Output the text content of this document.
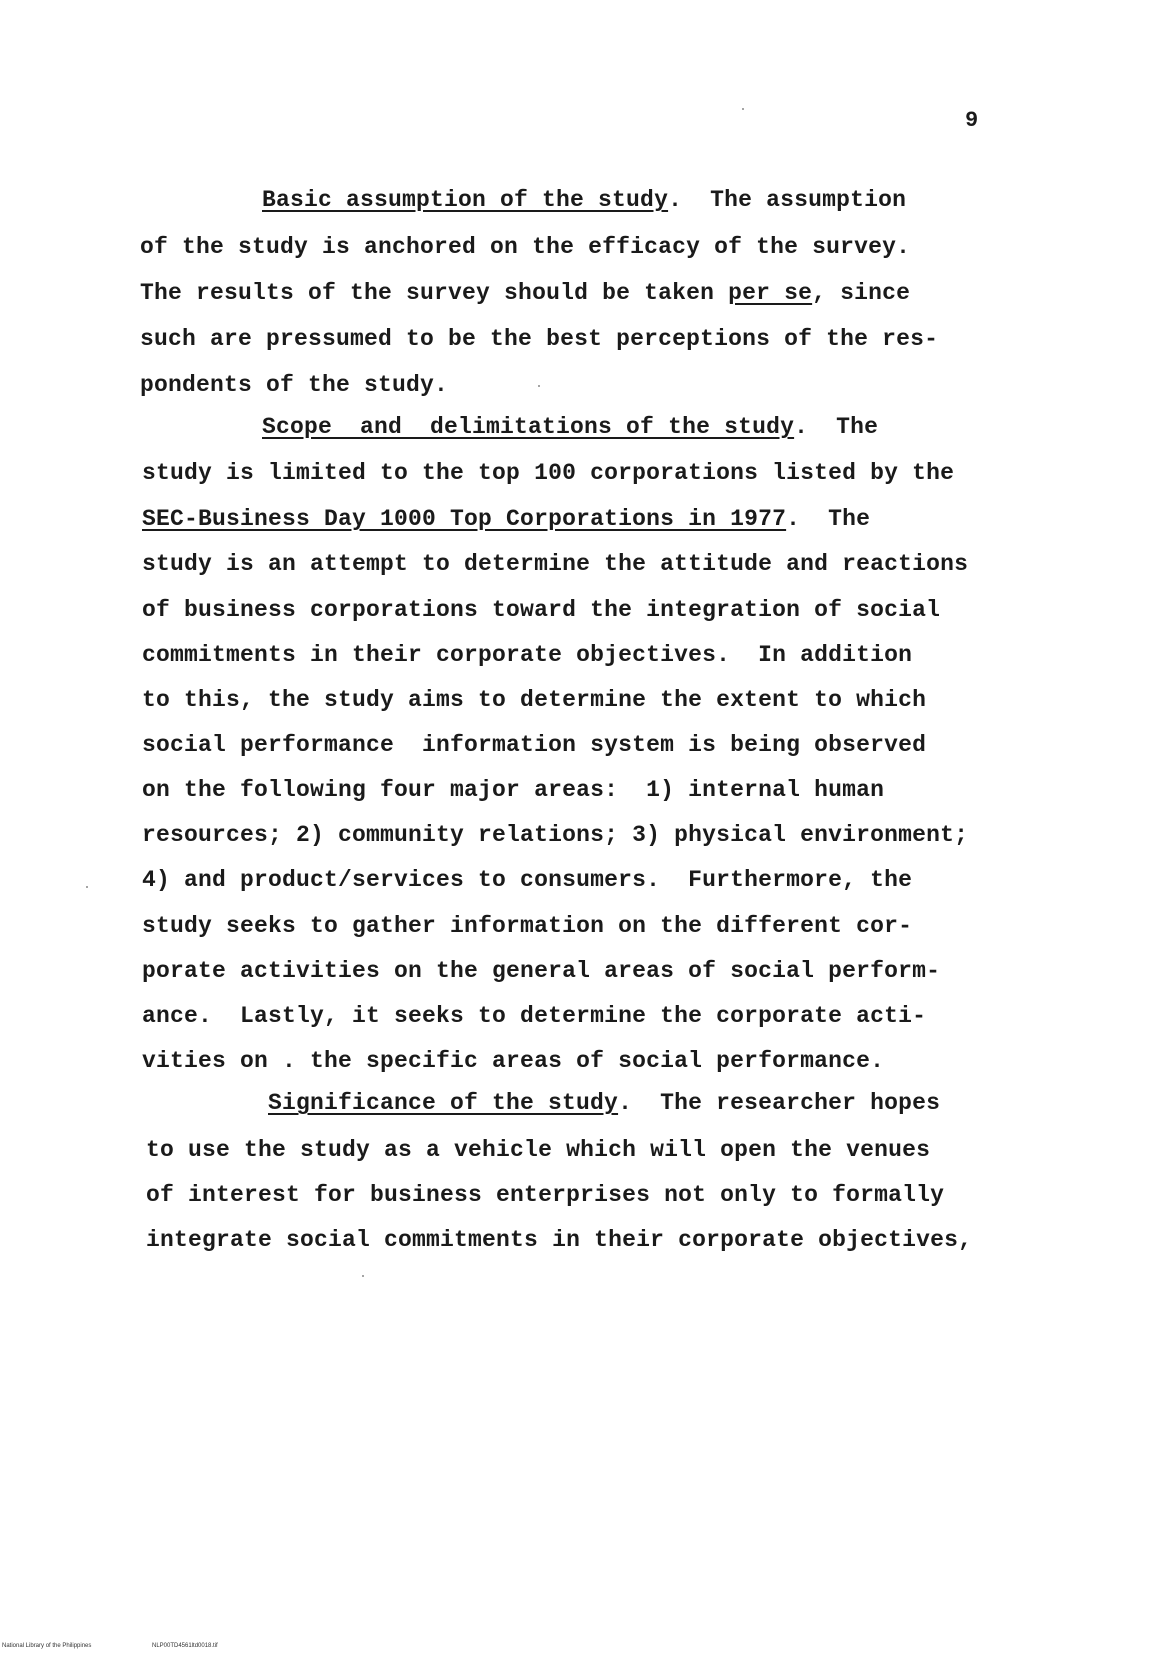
9
Basic assumption of the study.  The assumption
of the study is anchored on the efficacy of the survey.
The results of the survey should be taken per se, since
such are pressumed to be the best perceptions of the res-
pondents of the study.
Scope  and  delimitations of the study.  The
study is limited to the top 100 corporations listed by the
SEC-Business Day 1000 Top Corporations in 1977.  The
study is an attempt to determine the attitude and reactions
of business corporations toward the integration of social
commitments in their corporate objectives.  In addition
to this, the study aims to determine the extent to which
social performance  information system is being observed
on the following four major areas:  1) internal human
resources; 2) community relations; 3) physical environment;
4) and product/services to consumers.  Furthermore, the
study seeks to gather information on the different cor-
porate activities on the general areas of social perform-
ance.  Lastly, it seeks to determine the corporate acti-
vities on . the specific areas of social performance.
Significance of the study.  The researcher hopes
to use the study as a vehicle which will open the venues
of interest for business enterprises not only to formally
integrate social commitments in their corporate objectives,
National Library of the Philippines	NLP00TD4561ltd0018.tif
